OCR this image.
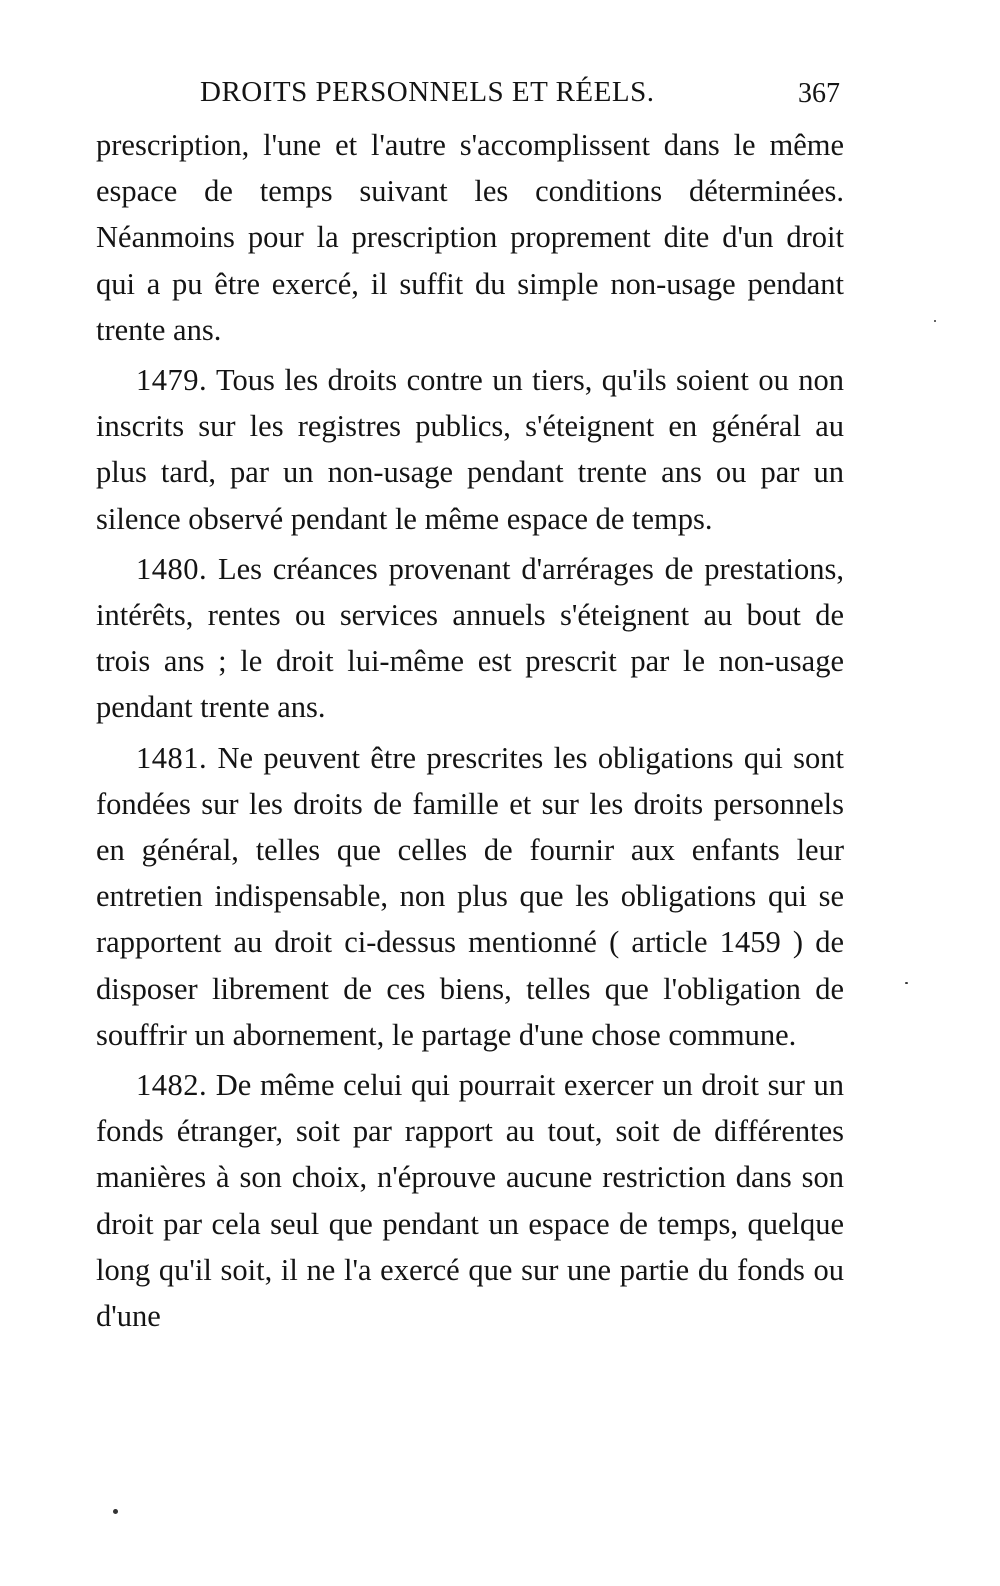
DROITS PERSONNELS ET RÉELS.	367

prescription, l'une et l'autre s'accomplissent dans le même espace de temps suivant les conditions déterminées. Néanmoins pour la prescription proprement dite d'un droit qui a pu être exercé, il suffit du simple non-usage pendant trente ans.

1479. Tous les droits contre un tiers, qu'ils soient ou non inscrits sur les registres publics, s'éteignent en général au plus tard, par un non-usage pendant trente ans ou par un silence observé pendant le même espace de temps.

1480. Les créances provenant d'arrérages de prestations, intérêts, rentes ou services annuels s'éteignent au bout de trois ans ; le droit lui-même est prescrit par le non-usage pendant trente ans.

1481. Ne peuvent être prescrites les obligations qui sont fondées sur les droits de famille et sur les droits personnels en général, telles que celles de fournir aux enfants leur entretien indispensable, non plus que les obligations qui se rapportent au droit ci-dessus mentionné ( article 1459 ) de disposer librement de ces biens, telles que l'obligation de souffrir un abornement, le partage d'une chose commune.

1482. De même celui qui pourrait exercer un droit sur un fonds étranger, soit par rapport au tout, soit de différentes manières à son choix, n'éprouve aucune restriction dans son droit par cela seul que pendant un espace de temps, quelque long qu'il soit, il ne l'a exercé que sur une partie du fonds ou d'une
